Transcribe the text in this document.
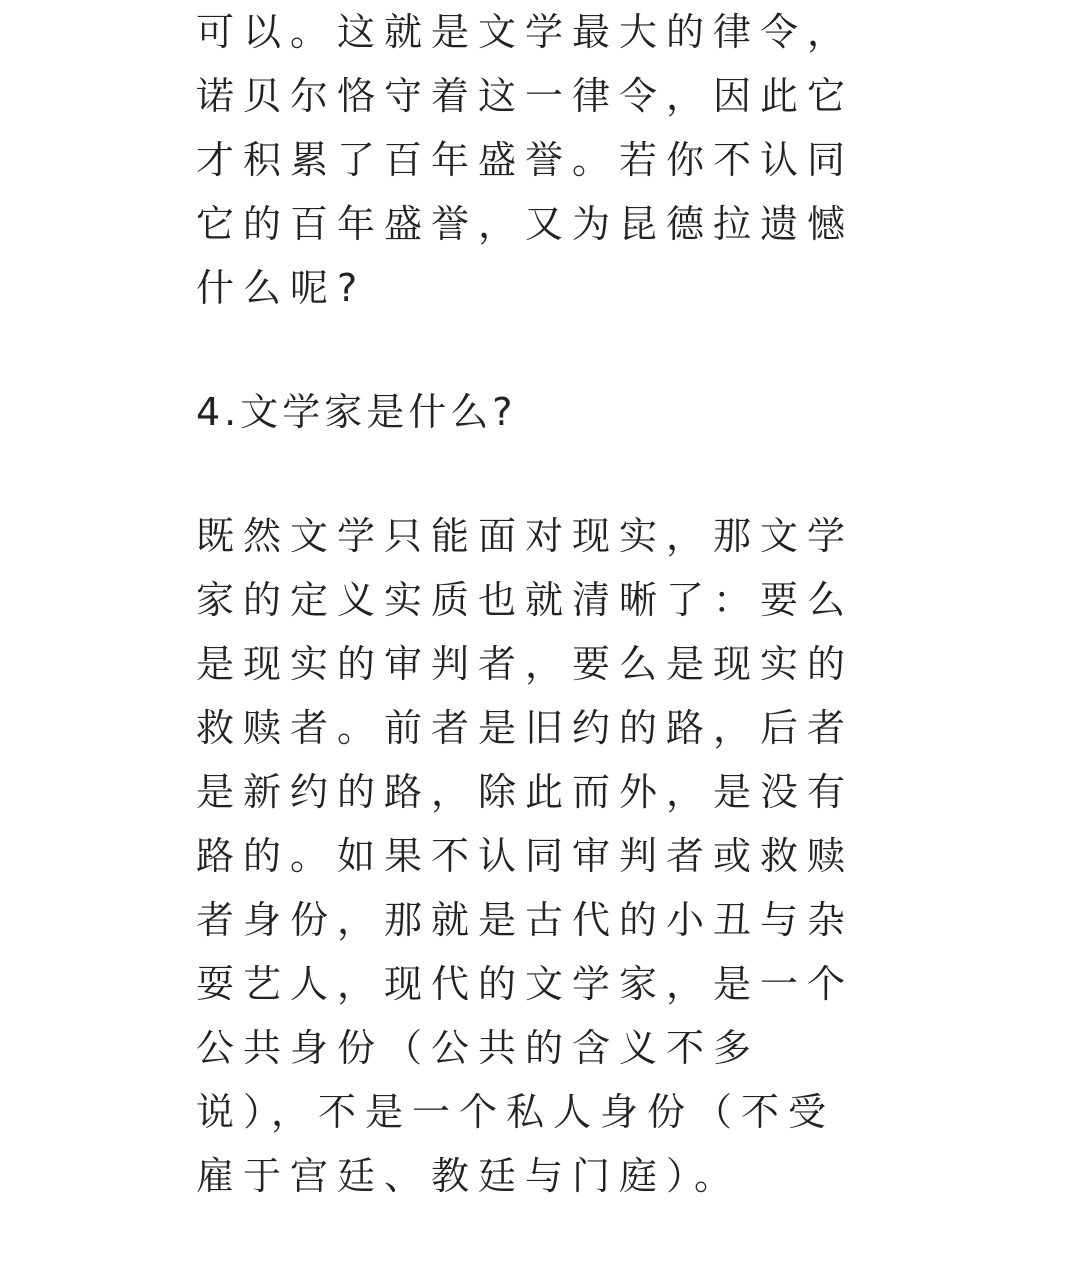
可以。这就是文学最大的律令，
诺贝尔恪守着这一律令，因此它
才积累了百年盛誉。若你不认同
它的百年盛誉，又为昆德拉遗憾
什么呢?
4.文学家是什么?
既然文学只能面对现实，那文学
家的定义实质也就清晰了：要么
是现实的审判者，要么是现实的
救赎者。前者是旧约的路，后者
是新约的路，除此而外，是没有
路的。如果不认同审判者或救赎
者身份，那就是古代的小丑与杂
耍艺人，现代的文学家，是一个
公共身份（公共的含义不多
说），不是一个私人身份（不受
雇于宫廷、教廷与门庭）。
